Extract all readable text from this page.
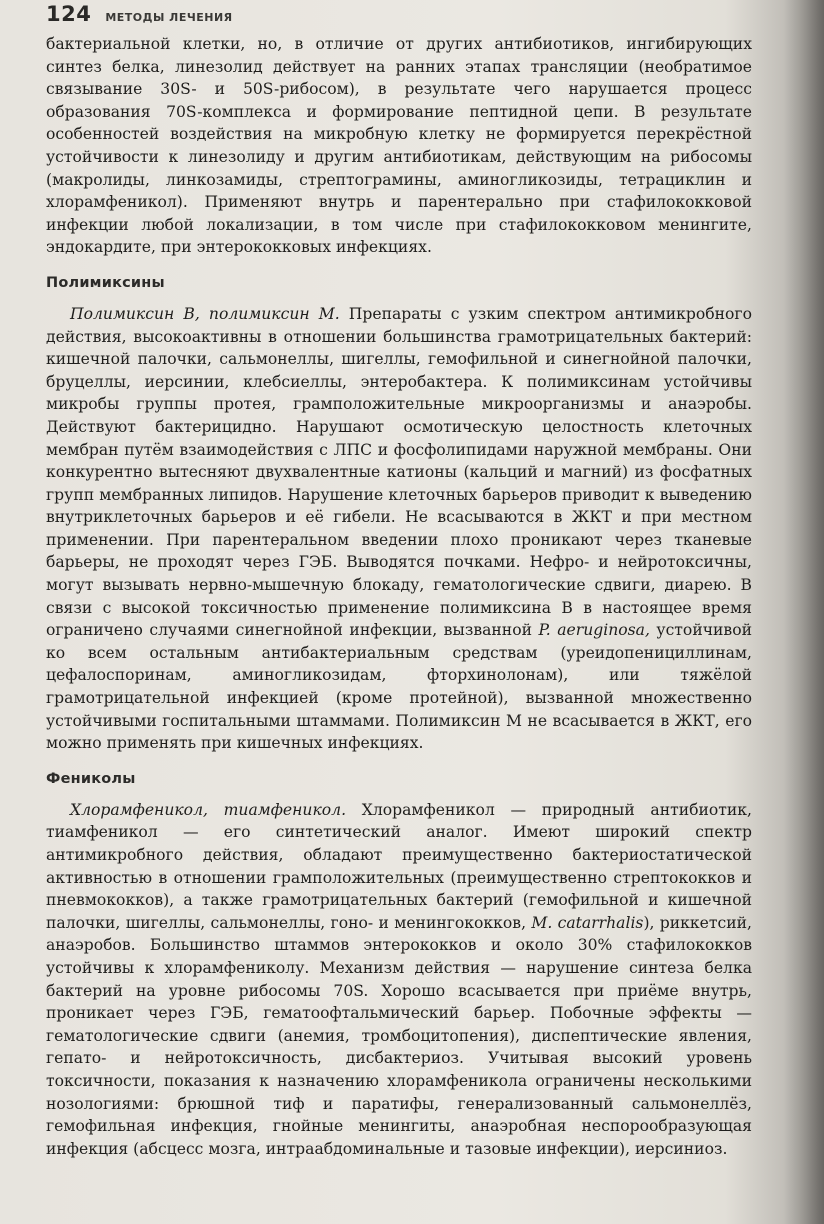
124 МЕТОДЫ ЛЕЧЕНИЯ

бактериальной клетки, но, в отличие от других антибиотиков, ингибирующих синтез белка, линезолид действует на ранних этапах трансляции (необратимое связывание 30S- и 50S-рибосом), в результате чего нарушается процесс образования 70S-комплекса и формирование пептидной цепи. В результате особенностей воздействия на микробную клетку не формируется перекрёстной устойчивости к линезолиду и другим антибиотикам, действующим на рибосомы (макролиды, линкозамиды, стрептограмины, аминогликозиды, тетрациклин и хлорамфеникол). Применяют внутрь и парентерально при стафилококковой инфекции любой локализации, в том числе при стафилококковом менингите, эндокардите, при энтерококковых инфекциях.

Полимиксины

Полимиксин B, полимиксин M. Препараты с узким спектром антимикробного действия, высокоактивны в отношении большинства грамотрицательных бактерий: кишечной палочки, сальмонеллы, шигеллы, гемофильной и синегнойной палочки, бруцеллы, иерсинии, клебсиеллы, энтеробактера. К полимиксинам устойчивы микробы группы протея, грамположительные микроорганизмы и анаэробы. Действуют бактерицидно. Нарушают осмотическую целостность клеточных мембран путём взаимодействия с ЛПС и фосфолипидами наружной мембраны. Они конкурентно вытесняют двухвалентные катионы (кальций и магний) из фосфатных групп мембранных липидов. Нарушение клеточных барьеров приводит к выведению внутриклеточных барьеров и её гибели. Не всасываются в ЖКТ и при местном применении. При парентеральном введении плохо проникают через тканевые барьеры, не проходят через ГЭБ. Выводятся почками. Нефро- и нейротоксичны, могут вызывать нервно-мышечную блокаду, гематологические сдвиги, диарею. В связи с высокой токсичностью применение полимиксина B в настоящее время ограничено случаями синегнойной инфекции, вызванной P. aeruginosa, устойчивой ко всем остальным антибактериальным средствам (уреидопенициллинам, цефалоспоринам, аминогликозидам, фторхинолонам), или тяжёлой грамотрицательной инфекцией (кроме протейной), вызванной множественно устойчивыми госпитальными штаммами. Полимиксин M не всасывается в ЖКТ, его можно применять при кишечных инфекциях.

Фениколы

Хлорамфеникол, тиамфеникол. Хлорамфеникол — природный антибиотик, тиамфеникол — его синтетический аналог. Имеют широкий спектр антимикробного действия, обладают преимущественно бактериостатической активностью в отношении грамположительных (преимущественно стрептококков и пневмококков), а также грамотрицательных бактерий (гемофильной и кишечной палочки, шигеллы, сальмонеллы, гоно- и менингококков, M. catarrhalis), риккетсий, анаэробов. Большинство штаммов энтерококков и около 30% стафилококков устойчивы к хлорамфениколу. Механизм действия — нарушение синтеза белка бактерий на уровне рибосомы 70S. Хорошо всасывается при приёме внутрь, проникает через ГЭБ, гематоофтальмический барьер. Побочные эффекты — гематологические сдвиги (анемия, тромбоцитопения), диспептические явления, гепато- и нейротоксичность, дисбактериоз. Учитывая высокий уровень токсичности, показания к назначению хлорамфеникола ограничены несколькими нозологиями: брюшной тиф и паратифы, генерализованный сальмонеллёз, гемофильная инфекция, гнойные менингиты, анаэробная неспорообразующая инфекция (абсцесс мозга, интраабдоминальные и тазовые инфекции), иерсиниоз.
